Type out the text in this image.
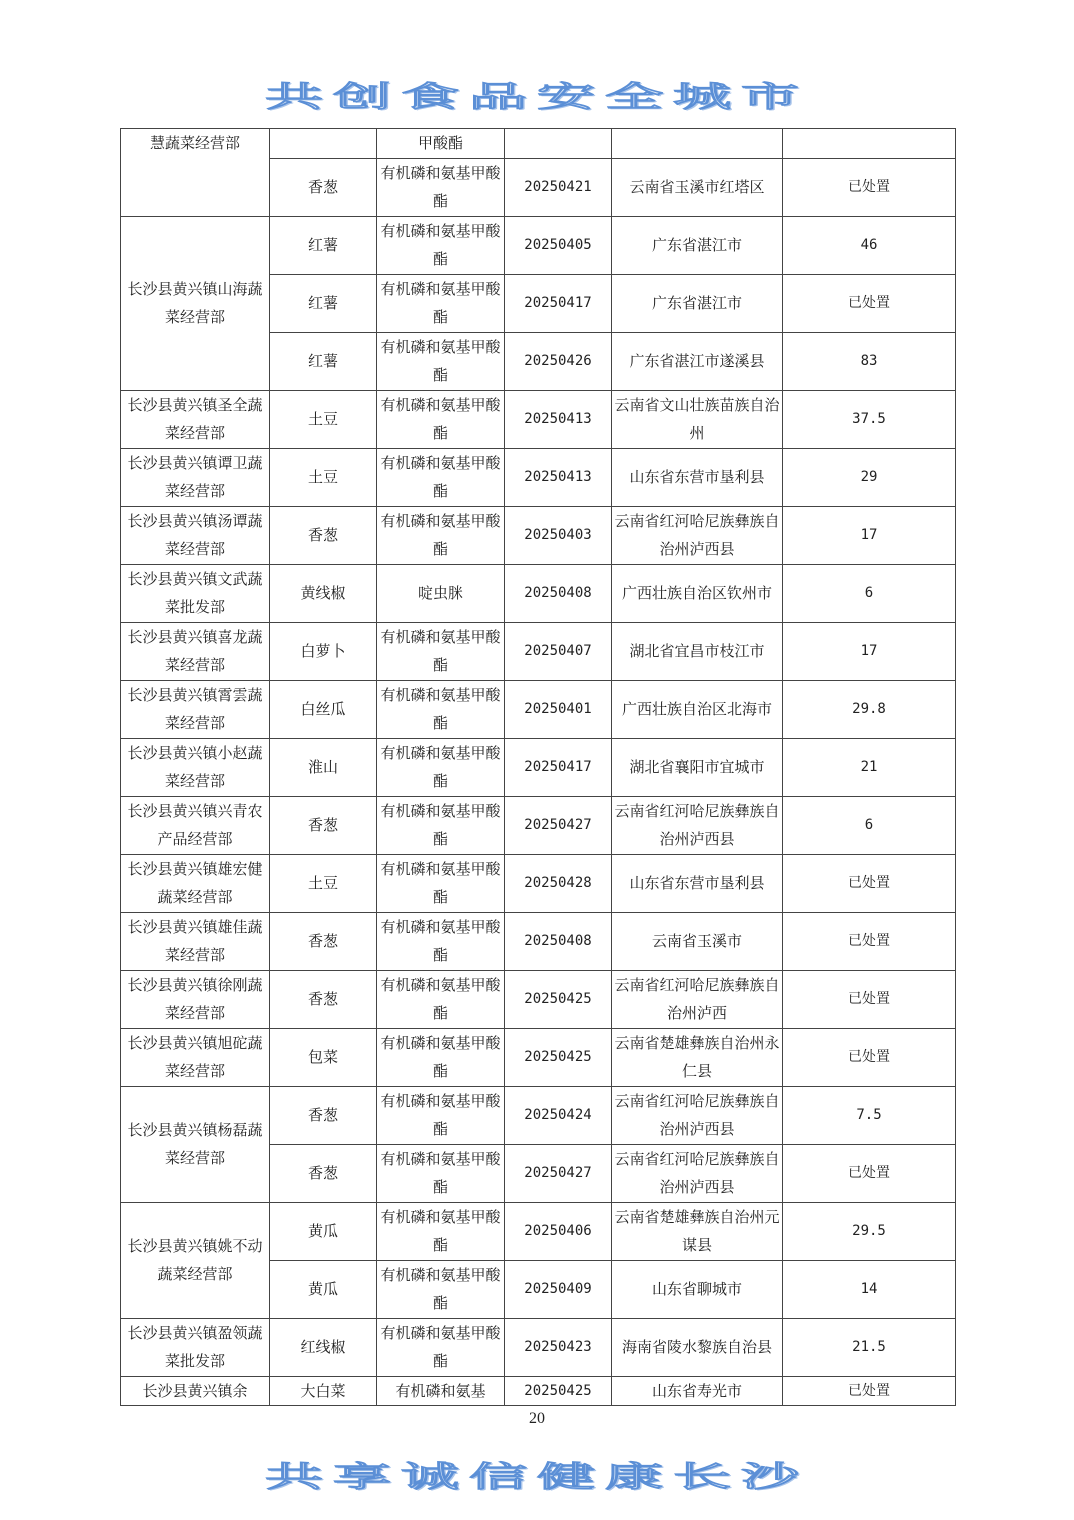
共创食品安全城市
慧蔬菜经营部		甲酸酯			
	香葱	有机磷和氨基甲酸酯	20250421	云南省玉溪市红塔区	已处置
长沙县黄兴镇山海蔬菜经营部	红薯	有机磷和氨基甲酸酯	20250405	广东省湛江市	46
	红薯	有机磷和氨基甲酸酯	20250417	广东省湛江市	已处置
	红薯	有机磷和氨基甲酸酯	20250426	广东省湛江市遂溪县	83
长沙县黄兴镇圣全蔬菜经营部	土豆	有机磷和氨基甲酸酯	20250413	云南省文山壮族苗族自治州	37.5
长沙县黄兴镇谭卫蔬菜经营部	土豆	有机磷和氨基甲酸酯	20250413	山东省东营市垦利县	29
长沙县黄兴镇汤谭蔬菜经营部	香葱	有机磷和氨基甲酸酯	20250403	云南省红河哈尼族彝族自治州泸西县	17
长沙县黄兴镇文武蔬菜批发部	黄线椒	啶虫脒	20250408	广西壮族自治区钦州市	6
长沙县黄兴镇喜龙蔬菜经营部	白萝卜	有机磷和氨基甲酸酯	20250407	湖北省宜昌市枝江市	17
长沙县黄兴镇霄雲蔬菜经营部	白丝瓜	有机磷和氨基甲酸酯	20250401	广西壮族自治区北海市	29.8
长沙县黄兴镇小赵蔬菜经营部	淮山	有机磷和氨基甲酸酯	20250417	湖北省襄阳市宜城市	21
长沙县黄兴镇兴青农产品经营部	香葱	有机磷和氨基甲酸酯	20250427	云南省红河哈尼族彝族自治州泸西县	6
长沙县黄兴镇雄宏健蔬菜经营部	土豆	有机磷和氨基甲酸酯	20250428	山东省东营市垦利县	已处置
长沙县黄兴镇雄佳蔬菜经营部	香葱	有机磷和氨基甲酸酯	20250408	云南省玉溪市	已处置
长沙县黄兴镇徐刚蔬菜经营部	香葱	有机磷和氨基甲酸酯	20250425	云南省红河哈尼族彝族自治州泸西	已处置
长沙县黄兴镇旭砣蔬菜经营部	包菜	有机磷和氨基甲酸酯	20250425	云南省楚雄彝族自治州永仁县	已处置
长沙县黄兴镇杨磊蔬菜经营部	香葱	有机磷和氨基甲酸酯	20250424	云南省红河哈尼族彝族自治州泸西县	7.5
	香葱	有机磷和氨基甲酸酯	20250427	云南省红河哈尼族彝族自治州泸西县	已处置
长沙县黄兴镇姚不动蔬菜经营部	黄瓜	有机磷和氨基甲酸酯	20250406	云南省楚雄彝族自治州元谋县	29.5
	黄瓜	有机磷和氨基甲酸酯	20250409	山东省聊城市	14
长沙县黄兴镇盈领蔬菜批发部	红线椒	有机磷和氨基甲酸酯	20250423	海南省陵水黎族自治县	21.5
长沙县黄兴镇余	大白菜	有机磷和氨基	20250425	山东省寿光市	已处置
20
共享诚信健康长沙
